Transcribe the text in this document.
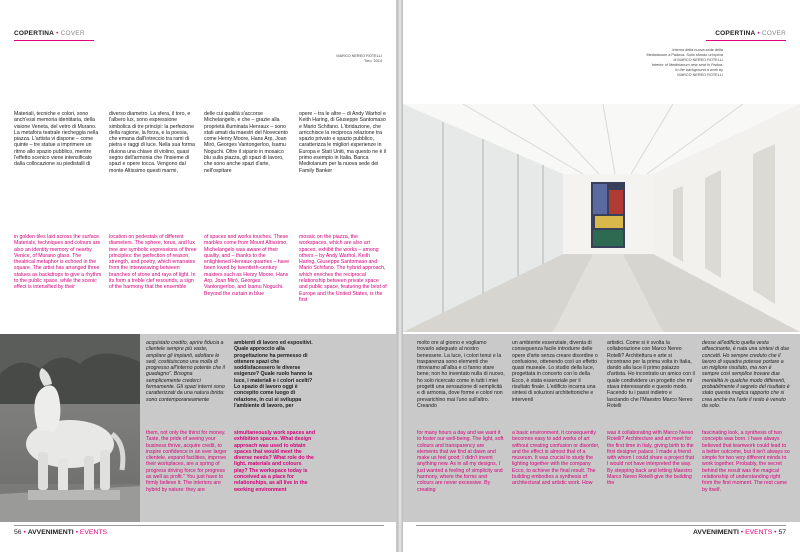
COPERTINA • COVER
MARCO NEREO ROTELLI
Toro, 2014
Materiali, tecniche e colori, sono anch'essi memoria identitaria, della visione Veneta, del vetro di Murano. La metafora teatrale riecheggia nella piazza. L'artista vi dispone – come quinte – tre statue a imprimere un ritmo allo spazio pubblico, mentre l'effetto scenico viene intensificato dalla collocazione su piedistalli di
diverso diametro. La sfera, il toro, e l'albero lux, sono espressione simbolica di tre principi: la perfezione della ragione, la forza, e la poesia, che emana dall'intreccio tra rami di pietra e raggi di luce. Nella sua forma riluiona una chiave di violino, quasi segno dell'armonia che l'insieme di spazi e opere tocca. Vengono dal monte Altissimo questi marmi,
delle cui qualità s'accorse Michelangelo, e che – grazie alla proprietà illuminata Henraux – sono stati amati da maestri del Novecento come Henry Moore, Hans Arp, Joan Miró, Georges Vantongerloo, Isamu Noguchi. Oltre il sipario in mosaico blu sulla piazza, gli spazi di lavoro, che sono anche spazi d'arte, nell'ospitare
opere – tra le altre – di Andy Warhol e Keith Haring, di Giuseppe Santomaso e Mario Schifano. L'ibridazione, che arricchisce la reciproca relazione tra spazio privato e spazio pubblico, caratterizza le migliori esperienze in Europa e Stati Uniti, ma questo ne è il primo esempio in Italia. Banca Mediolanum per la nuova sede dei Family Banker
in golden tiles laid across the surface. Materials, techniques and colours are also an identity memory of nearby Venice, of Murano glass. The theatrical metaphor is echoed in the square. The artist has arranged three statues as backdrops to give a rhythm to the public space, while the scenic effect is intensified by their
location on pedestals of different diameters. The sphere, torus, and lux tree are symbolic expressions of three principles: the perfection of reason, strength, and poetry, which emanates from the interweaving between branches of stone and rays of light. In its form a treble clef resounds, a sign of the harmony that the ensemble
of spaces and works touches. These marbles come from Mount Altissimo. Michelangelo was aware of their quality, and – thanks to the enlightened Henraux quarries – have been loved by twentieth-century masters such as Henry Moore, Hans Arp, Joan Miró, Georges Vantongerloo, and Isamu Noguchi. Beyond the curtain in blue
mosaic on the piazza, the workspaces, which are also art spaces, exhibit the works – among others – by Andy Warhol, Keith Haring, Giuseppe Santomaso and Mario Schifano. The hybrid approach, which enriches the reciprocal relationship between private space and public space, featuring the best of Europe and the United States, is the first
acquistato credito, aprire fiducia a clientele sempre più vaste, ampliare gli impianti, adottare le sedi, costituiscono una molla di progresso all'interno potente che il guadagno". Bisogna semplicemente crederci fermamente. Gli spazi interni sono caratterizzati da una natura ibrida: sono contemporaneamente
ambienti di lavoro ed espositivi. Quale approccio alla progettazione ha permesso di ottenere spazi che soddisfacessero le diverse esigenze? Quale ruolo hanno la luce, i materiali e i colori scelti? Lo spazio di lavoro oggi è concepito come luogo di relazione, in cui si sviluppa l'ambiente di lavoro, per
them, not only the thirst for money. Taste, the pride of seeing your business thrive, acquire credit, to inspire confidence in an ever larger clientele, expand facilities, improve their workplaces, are a spring of progress driving force for progress as well as profit." You just have to firmly believe it. The interiors are hybrid by nature: they are
simultaneously work spaces and exhibition spaces. What design approach was used to obtain spaces that would meet the diverse needs? What role do the light, materials and colours play? The workspace today is conceived as a place for relationships, as all live in the working environment
56 • AVVENIMENTI • EVENTS
COPERTINA • COVER
Interno della nuova sede della
Mediolanum a Padova. Sullo sfondo un'opera
di MARCO NEREO ROTELLI
Interior of Mediolanum new seat in Padua.
In the background a work by
MARCO NEREO ROTELLI
molto ore al giorno e vogliamo trovarlo adeguato al nostro benessere. La luce, i colori tenui e la trasparenza sono elementi che ritroviamo all'alba e ci fanno stare bene; non ho inventato nulla di nuovo, ho solo ricercato come in tutti i miei progetti una sensazione di semplicità e di armonia, dove forme e colori non prevarichino mai l'uno sull'altro. Creando
un ambiente essenziale, diventa di conseguenza facile introdurre delle opere d'arte senza creare disordine o confusione, ottenendo così un effetto quasi museale. Lo studio della luce, progettata in concerto con lo della Ecco, è stata essenziale per il risultato finale. L'edificio incarna una sintesi di soluzioni architettoniche e interventi
artistici. Come si è svolta la collaborazione con Marco Nereo Rotelli? Architettura e arte si incontrano per la prima volta in Italia, dando alla luce il primo palazzo d'artista. Ho incontrato un amico con il quale condividere un progetto che mi stava interessando e questo modo. Facendo tu i passi indietro e lasciando che l'Maestro Marco Nereo Rotelli
desse all'edificio quella vesta affascinante, è nata una sintesi di due concetti. Ho sempre creduto che il lavoro di squadra potesse portare a un migliore risultato, ma non è sempre così semplice trovare due mentalità in qualche modo differenti, probabilmente il segreto del risultato è stato questa magica rapporto che si crea anche tra l'arte il resto è venuto da solo.
for many hours a day and we want it to foster our well-being. The light, soft colours and transparency are elements that we find at dawn and make us feel good; I didn't invent anything new. As in all my designs, I just wanted a feeling of simplicity and harmony, where the forms and colours are never excessive. By creating
a basic environment, it consequently becomes easy to add works of art without creating confusion or disorder, and the effect is almost that of a museum. It was crucial to study the lighting together with the company Ecco, to achieve the final result. The building embodies a synthesis of architectural and artistic work. How
was it collaborating with Marco Nereo Rotelli? Architecture and art meet for the first time in Italy, giving birth to the first designer palace. I made a friend with whom I could share a project that I would not have interpreted the way. By stepping back and letting Maestro Marco Nereo Rotelli give the building the
fascinating look, a synthesis of two concepts was born. I have always believed that teamwork could lead to a better outcome, but it isn't always so simple for two very different minds to work together. Probably, the secret behind the result was the magical relationship of understanding right from the first moment. The rest came by itself.
AVVENIMENTI • EVENTS • 57
